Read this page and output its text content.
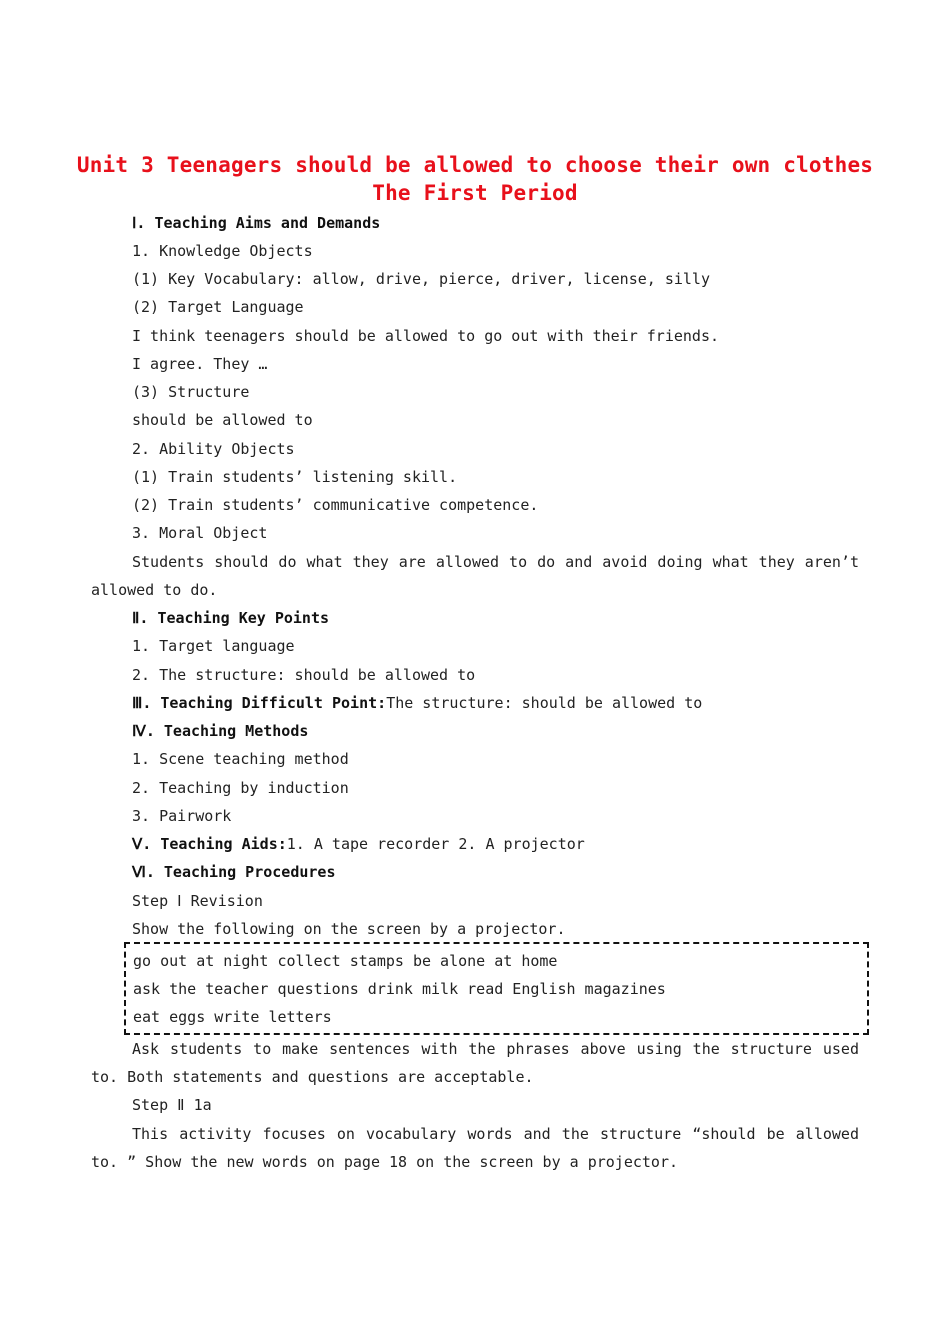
Unit 3 Teenagers should be allowed to choose their own clothes
The First Period
Ⅰ. Teaching Aims and Demands
1. Knowledge Objects
(1) Key Vocabulary: allow, drive, pierce, driver, license, silly
(2) Target Language
I think teenagers should be allowed to go out with their friends.
I agree. They …
(3) Structure
should be allowed to
2. Ability Objects
(1) Train students’ listening skill.
(2) Train students’ communicative competence.
3. Moral Object
Students should do what they are allowed to do and avoid doing what they aren’t
allowed to do.
Ⅱ. Teaching Key Points
1. Target language
2. The structure: should be allowed to
Ⅲ. Teaching Difficult Point:The structure: should be allowed to
Ⅳ. Teaching Methods
1. Scene teaching method
2. Teaching by induction
3. Pairwork
Ⅴ. Teaching Aids:1. A tape recorder 2. A projector
Ⅵ. Teaching Procedures
Step Ⅰ Revision
Show the following on the screen by a projector.
go out at night collect stamps be alone at home
ask the teacher questions drink milk read English magazines
eat eggs write letters
Ask students to make sentences with the phrases above using the structure used
to. Both statements and questions are acceptable.
Step Ⅱ 1a
This activity focuses on vocabulary words and the structure “should be allowed
to. ” Show the new words on page 18 on the screen by a projector.
